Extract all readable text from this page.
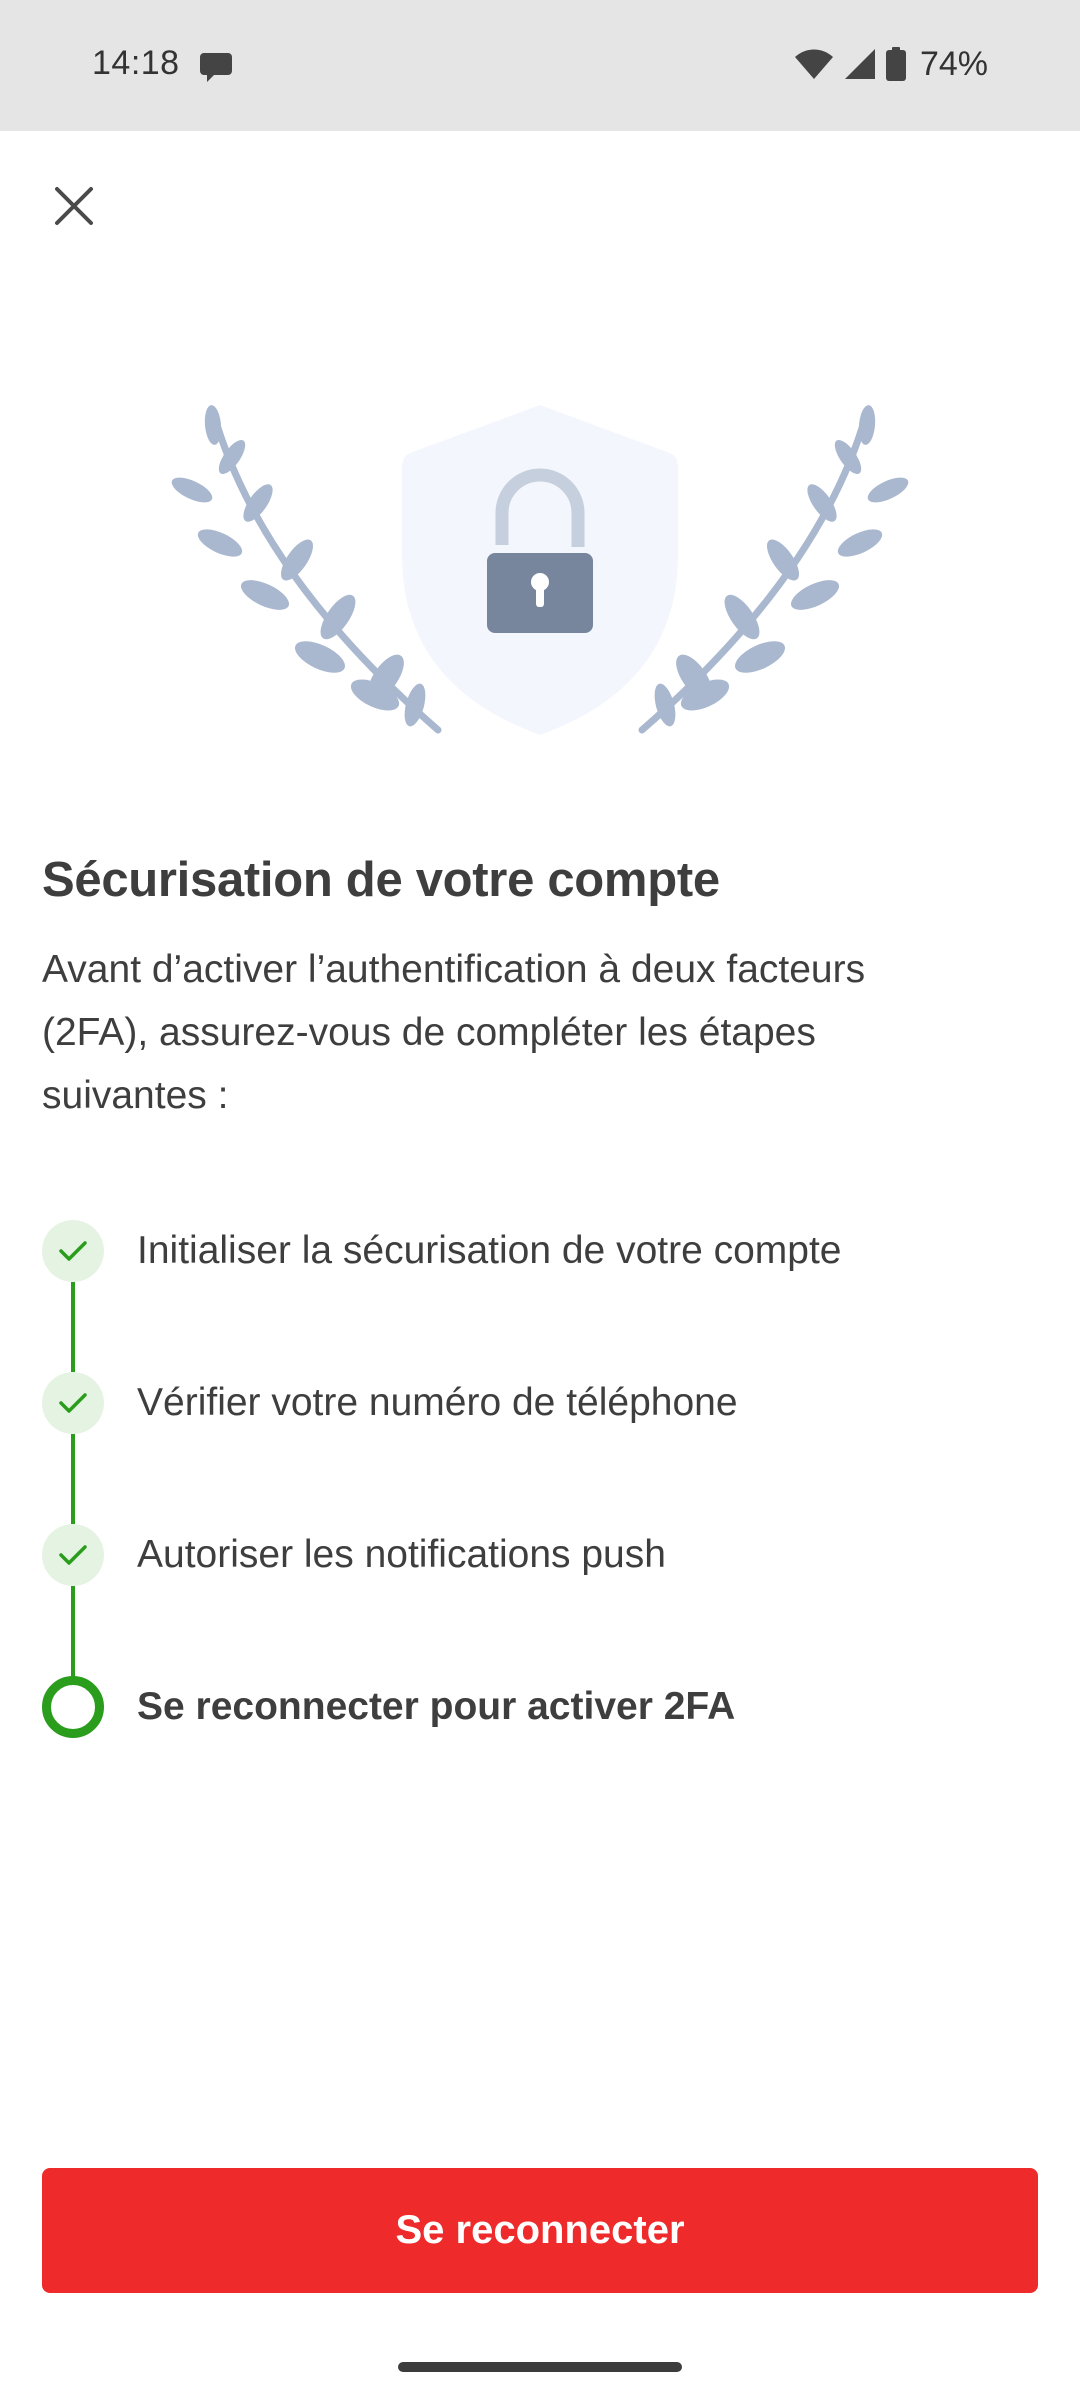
14:18	74%
Sécurisation de votre compte

Avant d’activer l’authentification à deux facteurs
(2FA), assurez-vous de compléter les étapes
suivantes :

Initialiser la sécurisation de votre compte
Vérifier votre numéro de téléphone
Autoriser les notifications push
Se reconnecter pour activer 2FA
Se reconnecter
